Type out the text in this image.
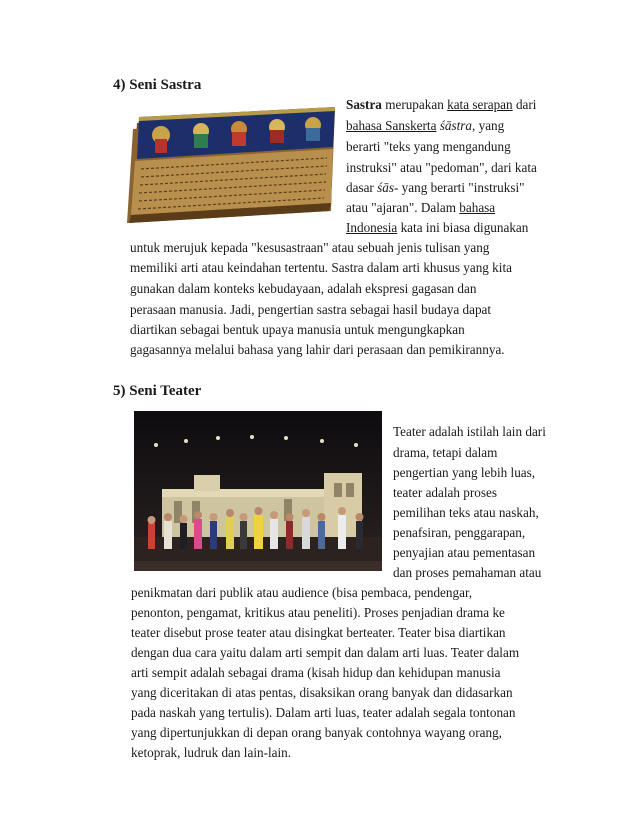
4) Seni Sastra
Sastra merupakan kata serapan dari
bahasa Sanskerta śāstra, yang
berarti "teks yang mengandung
instruksi" atau "pedoman", dari kata
dasar śās- yang berarti "instruksi"
atau "ajaran". Dalam bahasa
Indonesia kata ini biasa digunakan
untuk merujuk kepada "kesusastraan" atau sebuah jenis tulisan yang
memiliki arti atau keindahan tertentu. Sastra dalam arti khusus yang kita
gunakan dalam konteks kebudayaan, adalah ekspresi gagasan dan
perasaan manusia. Jadi, pengertian sastra sebagai hasil budaya dapat
diartikan sebagai bentuk upaya manusia untuk mengungkapkan
gagasannya melalui bahasa yang lahir dari perasaan dan pemikirannya.
5) Seni Teater
Teater adalah istilah lain dari
drama, tetapi dalam
pengertian yang lebih luas,
teater adalah proses
pemilihan teks atau naskah,
penafsiran, penggarapan,
penyajian atau pementasan
dan proses pemahaman atau
penikmatan dari publik atau audience (bisa pembaca, pendengar,
penonton, pengamat, kritikus atau peneliti). Proses penjadian drama ke
teater disebut prose teater atau disingkat berteater. Teater bisa diartikan
dengan dua cara yaitu dalam arti sempit dan dalam arti luas. Teater dalam
arti sempit adalah sebagai drama (kisah hidup dan kehidupan manusia
yang diceritakan di atas pentas, disaksikan orang banyak dan didasarkan
pada naskah yang tertulis). Dalam arti luas, teater adalah segala tontonan
yang dipertunjukkan di depan orang banyak contohnya wayang orang,
ketoprak, ludruk dan lain-lain.
